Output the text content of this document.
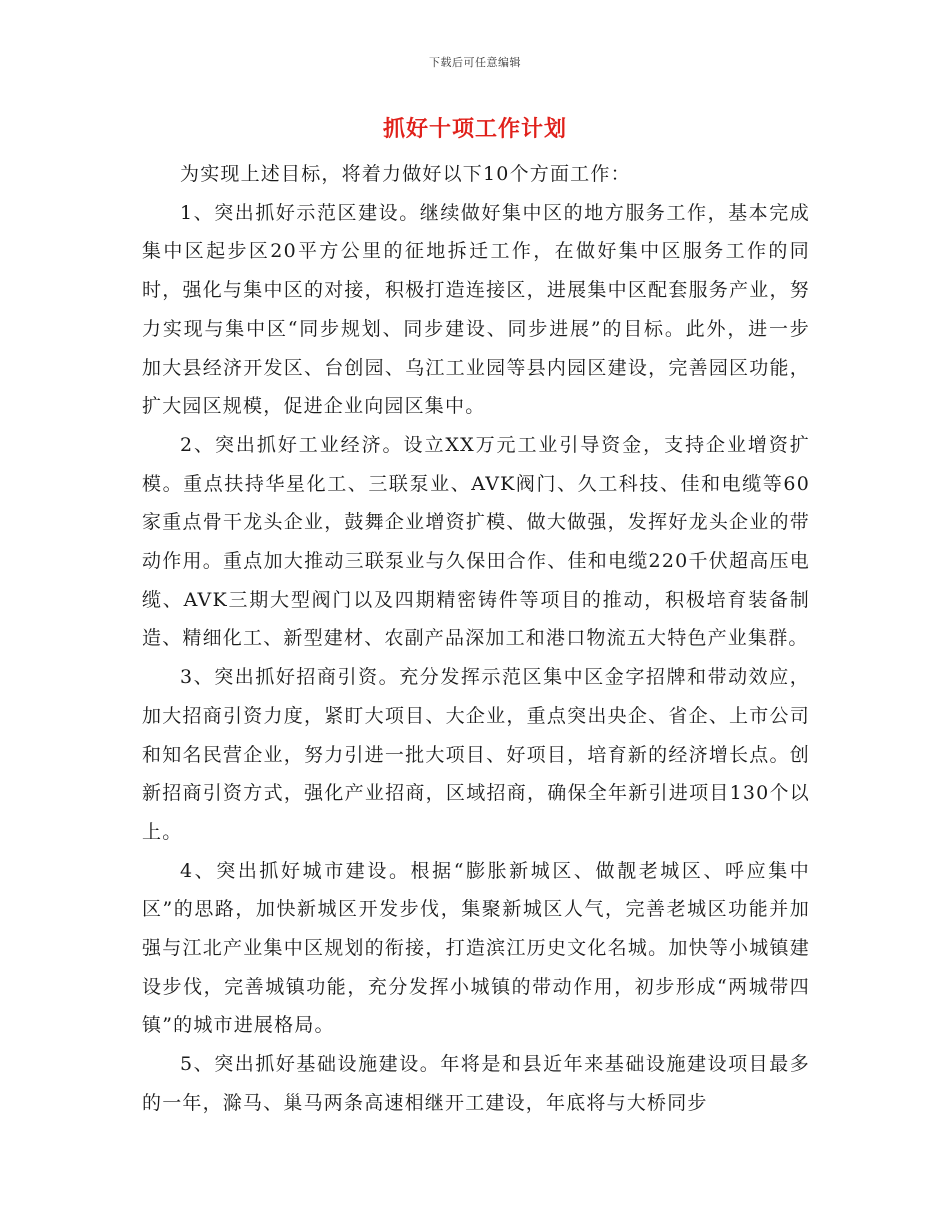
下载后可任意编辑
抓好十项工作计划

为实现上述目标，将着力做好以下10个方面工作：

1、突出抓好示范区建设。继续做好集中区的地方服务工作，基本完成集中区起步区20平方公里的征地拆迁工作，在做好集中区服务工作的同时，强化与集中区的对接，积极打造连接区，进展集中区配套服务产业，努力实现与集中区“同步规划、同步建设、同步进展”的目标。此外，进一步加大县经济开发区、台创园、乌江工业园等县内园区建设，完善园区功能，扩大园区规模，促进企业向园区集中。

2、突出抓好工业经济。设立XX万元工业引导资金，支持企业增资扩模。重点扶持华星化工、三联泵业、AVK阀门、久工科技、佳和电缆等60家重点骨干龙头企业，鼓舞企业增资扩模、做大做强，发挥好龙头企业的带动作用。重点加大推动三联泵业与久保田合作、佳和电缆220千伏超高压电缆、AVK三期大型阀门以及四期精密铸件等项目的推动，积极培育装备制造、精细化工、新型建材、农副产品深加工和港口物流五大特色产业集群。

3、突出抓好招商引资。充分发挥示范区集中区金字招牌和带动效应，加大招商引资力度，紧盯大项目、大企业，重点突出央企、省企、上市公司和知名民营企业，努力引进一批大项目、好项目，培育新的经济增长点。创新招商引资方式，强化产业招商，区域招商，确保全年新引进项目130个以上。

4、突出抓好城市建设。根据“膨胀新城区、做靓老城区、呼应集中区”的思路，加快新城区开发步伐，集聚新城区人气，完善老城区功能并加强与江北产业集中区规划的衔接，打造滨江历史文化名城。加快等小城镇建设步伐，完善城镇功能，充分发挥小城镇的带动作用，初步形成“两城带四镇”的城市进展格局。

5、突出抓好基础设施建设。年将是和县近年来基础设施建设项目最多的一年，滁马、巢马两条高速相继开工建设，年底将与大桥同步
